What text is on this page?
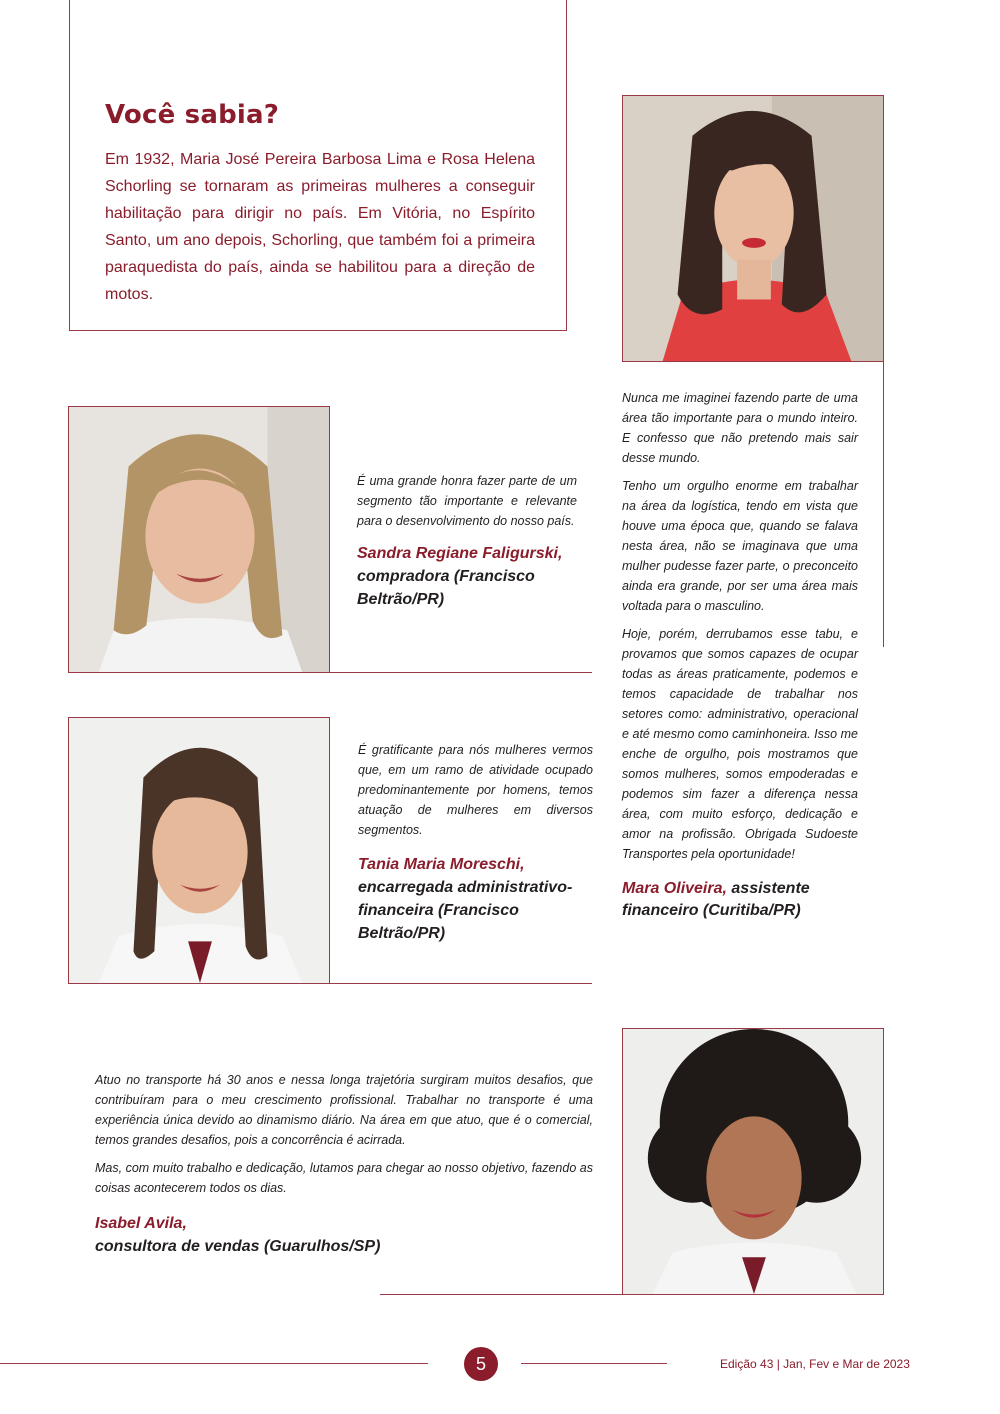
Você sabia?
Em 1932, Maria José Pereira Barbosa Lima e Rosa Helena Schorling se tornaram as primeiras mulheres a conseguir habilitação para dirigir no país. Em Vitória, no Espírito Santo, um ano depois, Schorling, que também foi a primeira paraquedista do país, ainda se habilitou para a direção de motos.
É uma grande honra fazer parte de um segmento tão importante e relevante para o desenvolvimento do nosso país.
Sandra Regiane Faligurski,
compradora (Francisco Beltrão/PR)
É gratificante para nós mulheres vermos que, em um ramo de atividade ocupado predominantemente por homens, temos atuação de mulheres em diversos segmentos.
Tania Maria Moreschi,
encarregada administrativo-financeira (Francisco Beltrão/PR)

Nunca me imaginei fazendo parte de uma área tão importante para o mundo inteiro. E confesso que não pretendo mais sair desse mundo.

Tenho um orgulho enorme em trabalhar na área da logística, tendo em vista que houve uma época que, quando se falava nesta área, não se imaginava que uma mulher pudesse fazer parte, o preconceito ainda era grande, por ser uma área mais voltada para o masculino.

Hoje, porém, derrubamos esse tabu, e provamos que somos capazes de ocupar todas as áreas praticamente, podemos e temos capacidade de trabalhar nos setores como: administrativo, operacional e até mesmo como caminhoneira. Isso me enche de orgulho, pois mostramos que somos mulheres, somos empoderadas e podemos sim fazer a diferença nessa área, com muito esforço, dedicação e amor na profissão. Obrigada Sudoeste Transportes pela oportunidade!

Mara Oliveira, assistente financeiro (Curitiba/PR)

Atuo no transporte há 30 anos e nessa longa trajetória surgiram muitos desafios, que contribuíram para o meu crescimento profissional. Trabalhar no transporte é uma experiência única devido ao dinamismo diário. Na área em que atuo, que é o comercial, temos grandes desafios, pois a concorrência é acirrada.

Mas, com muito trabalho e dedicação, lutamos para chegar ao nosso objetivo, fazendo as coisas acontecerem todos os dias.

Isabel Avila,
consultora de vendas (Guarulhos/SP)
5	Edição 43 | Jan, Fev e Mar de 2023
